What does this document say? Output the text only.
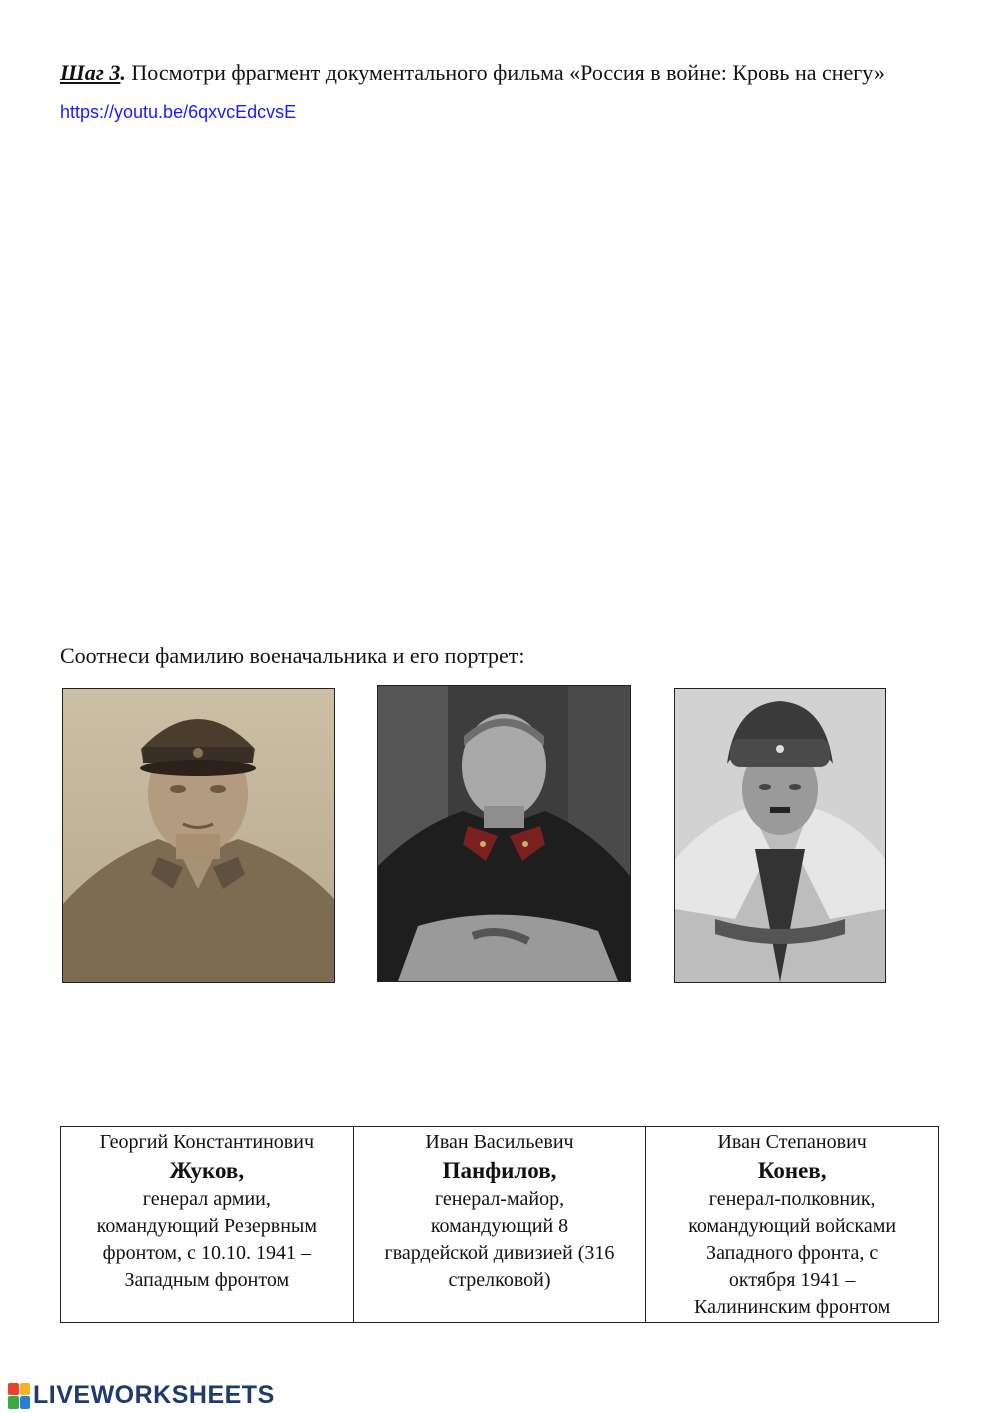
Шаг 3. Посмотри фрагмент документального фильма «Россия в войне: Кровь на снегу»
https://youtu.be/6qxvcEdcvsE
Соотнеси фамилию военачальника и его портрет:
Георгий Константинович
Жуков,
генерал армии,
командующий Резервным
фронтом, с 10.10. 1941 –
Западным фронтом

Иван Васильевич
Панфилов,
генерал-майор,
командующий 8
гвардейской дивизией (316
стрелковой)

Иван Степанович
Конев,
генерал-полковник,
командующий войсками
Западного фронта, с
октября 1941 –
Калининским фронтом
LIVEWORKSHEETS
